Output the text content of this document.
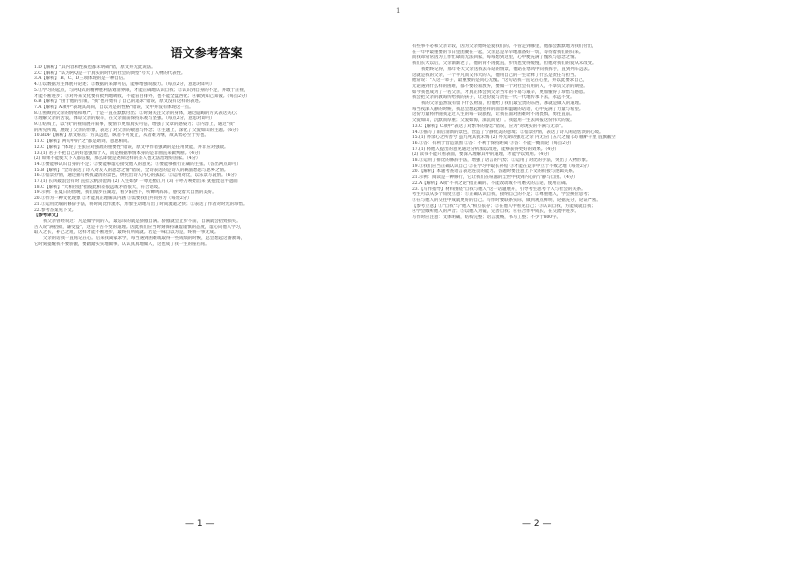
1
语文参考答案
1.D【解析】"其内容和性质也都未明确"错，原文并无此说法。
2.C【解析】"认为阿Q是一个真实的时代的社会的典型"夸大了人物的代表性。
3.A【解析】 B、C、D三项体现的是一种自信。
4.①以数据为主体展开论述；②数据的来源可信，能够增强说服力。（每点2分，意思对即可）
5.①学习的起点，与阿Q式的精神胜利法划清界限，才能正确地认识自我；②认识到自身的不足，并敢于正视，
才能不断进步；③对外来文化要有批判地吸收，不能盲目排外，也不能全盘西化；④做到知己知彼。（每点2分）
6.B【解析】"由于他的引领，"我"也开始有了自己的追求"错误，原文没有这样的表述。
7.A【解析】A项中"表现其高尚，自以为是的性格"错误，文中并没有体现这一点。
8.①照顾到父亲的情绪和尊严，于是一直在默默付出；②时刻关注父亲的身体，通过隐晦的方式表达关心；
③理解父亲的苦衷，体谅父亲的艰辛，在父亲面前保持乐观与坚强。（每点2分，意思对即可）
9.①结构上，以"我"的视角展开叙事，使情节更加真实可信，增强了文章的感染力；②内容上，通过"我"
的所见所闻，展现了父亲的形象，表达了对父亲的敬意与怀念；③主题上，深化了父爱如山的主题。（6分）
10.BDF【解析】原文标点：方其远也，纵者不可复止，从者难为继，故其势必至于穷也。
11.C【解析】两句中的"之"都是助词，意思相同。
12.C【解析】"体现了主张应对强敌的重要性"错误，原文中作者强调的是任用贤能，并非应对强敌。
13.(1) 君子不把自己的好恶强加于人，而是根据事情本身的是非曲直来做判断。（4分）
(2) 如果不能使天下人都信服，那么即使是尧舜这样的圣人也无法治理好国家。（4分）
14.①要能够认识自身的不足；②要能够虚心接受他人的意见；③要能够推行正确的主张。（答出两点即可）
15.B【解析】"全诗表达了诗人对友人的思念之情"错误，全诗表达的是诗人的羁旅愁思与思乡之情。
16.①借景抒情，通过描写秋夜凄清的景色，烘托出诗人内心的孤寂；②运用对比，以乐景写哀情。（6分）
17.(1) 长风破浪会有时 直挂云帆济沧海 (2) 人生如梦 一尊还酹江月 (3) 千呼万唤始出来 犹抱琵琶半遮面
18.C【解析】"大相径庭"指彼此相差很远或矛盾很大，符合语境。
19.示例：在夏日的傍晚，我们漫步在湖边，看夕阳西下，听蝉鸣阵阵，感受着大自然的美好。
20.①作为一种文化现象 ②才能真正理解其内涵 ③需要我们共同努力（每处2分）
21.①运用比喻的修辞手法，将时间比作流水，形象生动地写出了时间流逝之快；②表达了作者对时光的珍惜。
22.参考答案见下文。
【参考译文】
我父亲曾经说过：凡是做学问的人，最忌讳的就是骄傲自满。骄傲就会止步不前，自满就会招致损失。
古人说"满招损，谦受益"，这是千古不变的道理。因此我们应当时刻保持谦虚谨慎的态度，虚心向他人学习，
取人之长，补己之短，这样才能不断进步，最终有所成就。若是一味自以为是，终将一事无成。
父亲的话我一直铭记在心。后来我离家求学，每当遇到困难或取得一些成绩的时候，总会想起这番教诲，
它时刻提醒我不要骄傲，要踏踏实实地做事，认认真真地做人，这也成了我一生的座右铭。
有些事不必和父亲计较，因为父亲始终是爱我们的。不管走到哪里，他都会默默地为我们付出，
在一年中最重要的节日里团聚在一起，父亲总是早早地准备好一切，等待着我们的归来。
而我却常常因为工作忙碌而无法回家，每每想到这里，心中便充满了愧疚与思念之情。
我们长大以后，父亲渐渐老了，他的背不再挺直，步伐也变得缓慢，但他对我们的爱从未改变。
我始终记得，那年冬天父亲送我去车站的情景，他站在寒风中向我挥手，直到列车远去。
这就是我的父亲，一个平凡而又伟大的人，他用自己的一生诠释了什么是责任与担当。
他常说："人这一辈子，最重要的是问心无愧。"这句话我一直记在心里，并以此要求自己，
无论遇到什么样的困难，都不要轻易放弃，要做一个对社会有用的人，不辜负父亲的期望。
如今我也成为了一名父亲，才真正体会到父亲当年的不易与艰辛，更加懂得了珍惜与感恩。
我会把父亲的教诲传给我的孩子，让这份爱与责任一代一代地传承下去，永远不变。
我的父亲虽然没有留下什么财富，但他给了我们最宝贵的东西，那就是做人的道理。
每当夜深人静的时候，我总会想起他慈祥的面容和温暖的话语，心中充满了力量与希望。
这份力量将伴随我走过人生的每一段旅程，让我在面对困难时不再畏惧，勇往直前。
父爱如山，沉默而厚重；父爱如海，深沉而宽广。我愿用一生去回报这份伟大的爱。
13.C【解析】C项中"表达了对繁华的眷恋"错误，应为"对现实的不满与无奈"。
14.①描写了雨后清新的景色，营造了宁静优美的意境；②借景抒情，表达了诗人闲适恬淡的心境。
15.(1) 亦余心之所善兮 虽九死其犹未悔 (2) 外无期功强近之亲 内无应门五尺之僮 (3) 舳舻千里 旌旗蔽空
16.①答：有利于营造氛围 ②答：不利于保持距离 ③答：不能一概而论（每点2分）
17.(1) 将他人提出的意见通过分析加以改进，能够获得更好的效果。（4分）
(2) 读书不能只看表面，要深入理解其中的道理，才能学以致用。（4分）
18.①运用了排比的修辞手法，增强了语言的气势；②运用了对比的手法，突出了人物形象。
19.①我们应当正确认识自己 ②在学习中取长补短 ③才能在竞争中立于不败之地（每处2分）
20.【解析】本题考查语言表达连贯的能力。答题时要注意上下文的衔接与逻辑关系。
21.示例：阅读是一种修行，它让我们在喧嚣的尘世中找到内心的宁静与自由。（4分）
22.A【解析】A项"不刊之论"指正确的、不能改动或不可磨灭的言论，使用正确。
23.【写作指导】材料围绕"自我与他人"这一话题展开，引导考生思考个人与社会的关系。
考生可以从多个角度立意：①正确认识自我，接纳自己的不足；②尊重他人，学会换位思考；
③在与他人的交往中成就更好的自己。写作时要联系实际，做到观点鲜明，论据充分，论证严密。
【参考立意】①"自我"与"他人"相互依存；②在他人中看见自己；③认识自我，方能成就自我；
④学会倾听他人的声音；⑤以他人为镜，完善自我；⑥在合作中成长，在交流中进步。
写作时应注意：文体明确，结构完整；语言流畅，书写工整；不少于800字。
— 1 —	— 2 —
